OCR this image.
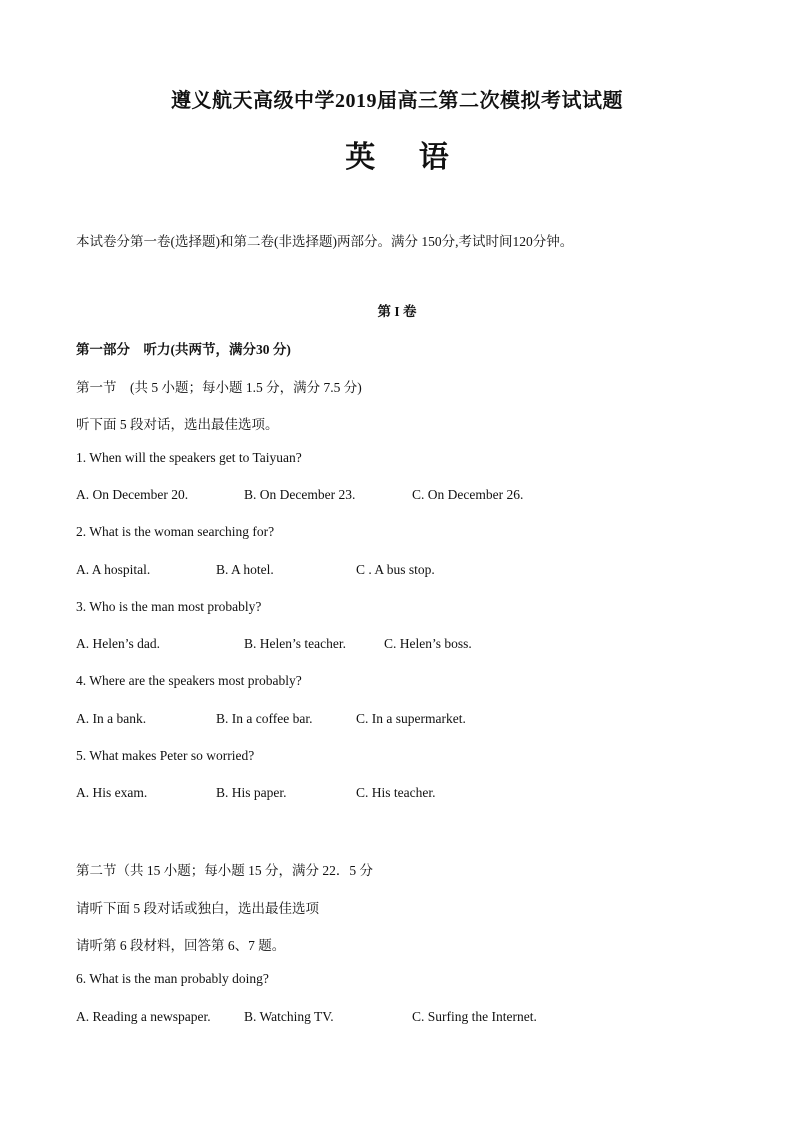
遵义航天高级中学2019届高三第二次模拟考试试题
英 语
本试卷分第一卷(选择题)和第二卷(非选择题)两部分。满分 150分,考试时间120分钟。
第 I 卷
第一部分　听力(共两节，满分30 分)
第一节　(共 5 小题；每小题 1.5 分，满分 7.5 分)
听下面 5 段对话，选出最佳选项。
1. When will the speakers get to Taiyuan?
A. On December 20.	B. On December 23.	C. On December 26.
2. What is the woman searching for?
A. A hospital.	B. A hotel.	C . A bus stop.
3. Who is the man most probably?
A. Helen’s dad.	B. Helen’s teacher.	C. Helen’s boss.
4. Where are the speakers most probably?
A. In a bank.	B. In a coffee bar.	C. In a supermarket.
5. What makes Peter so worried?
A. His exam.	B. His paper.	C. His teacher.
第二节（共 15 小题；每小题 15 分，满分 22．5 分
请听下面 5 段对话或独白，选出最佳选项
请听第 6 段材料，回答第 6、7 题。
6. What is the man probably doing?
A. Reading a newspaper. B. Watching TV.	C. Surfing the Internet.
